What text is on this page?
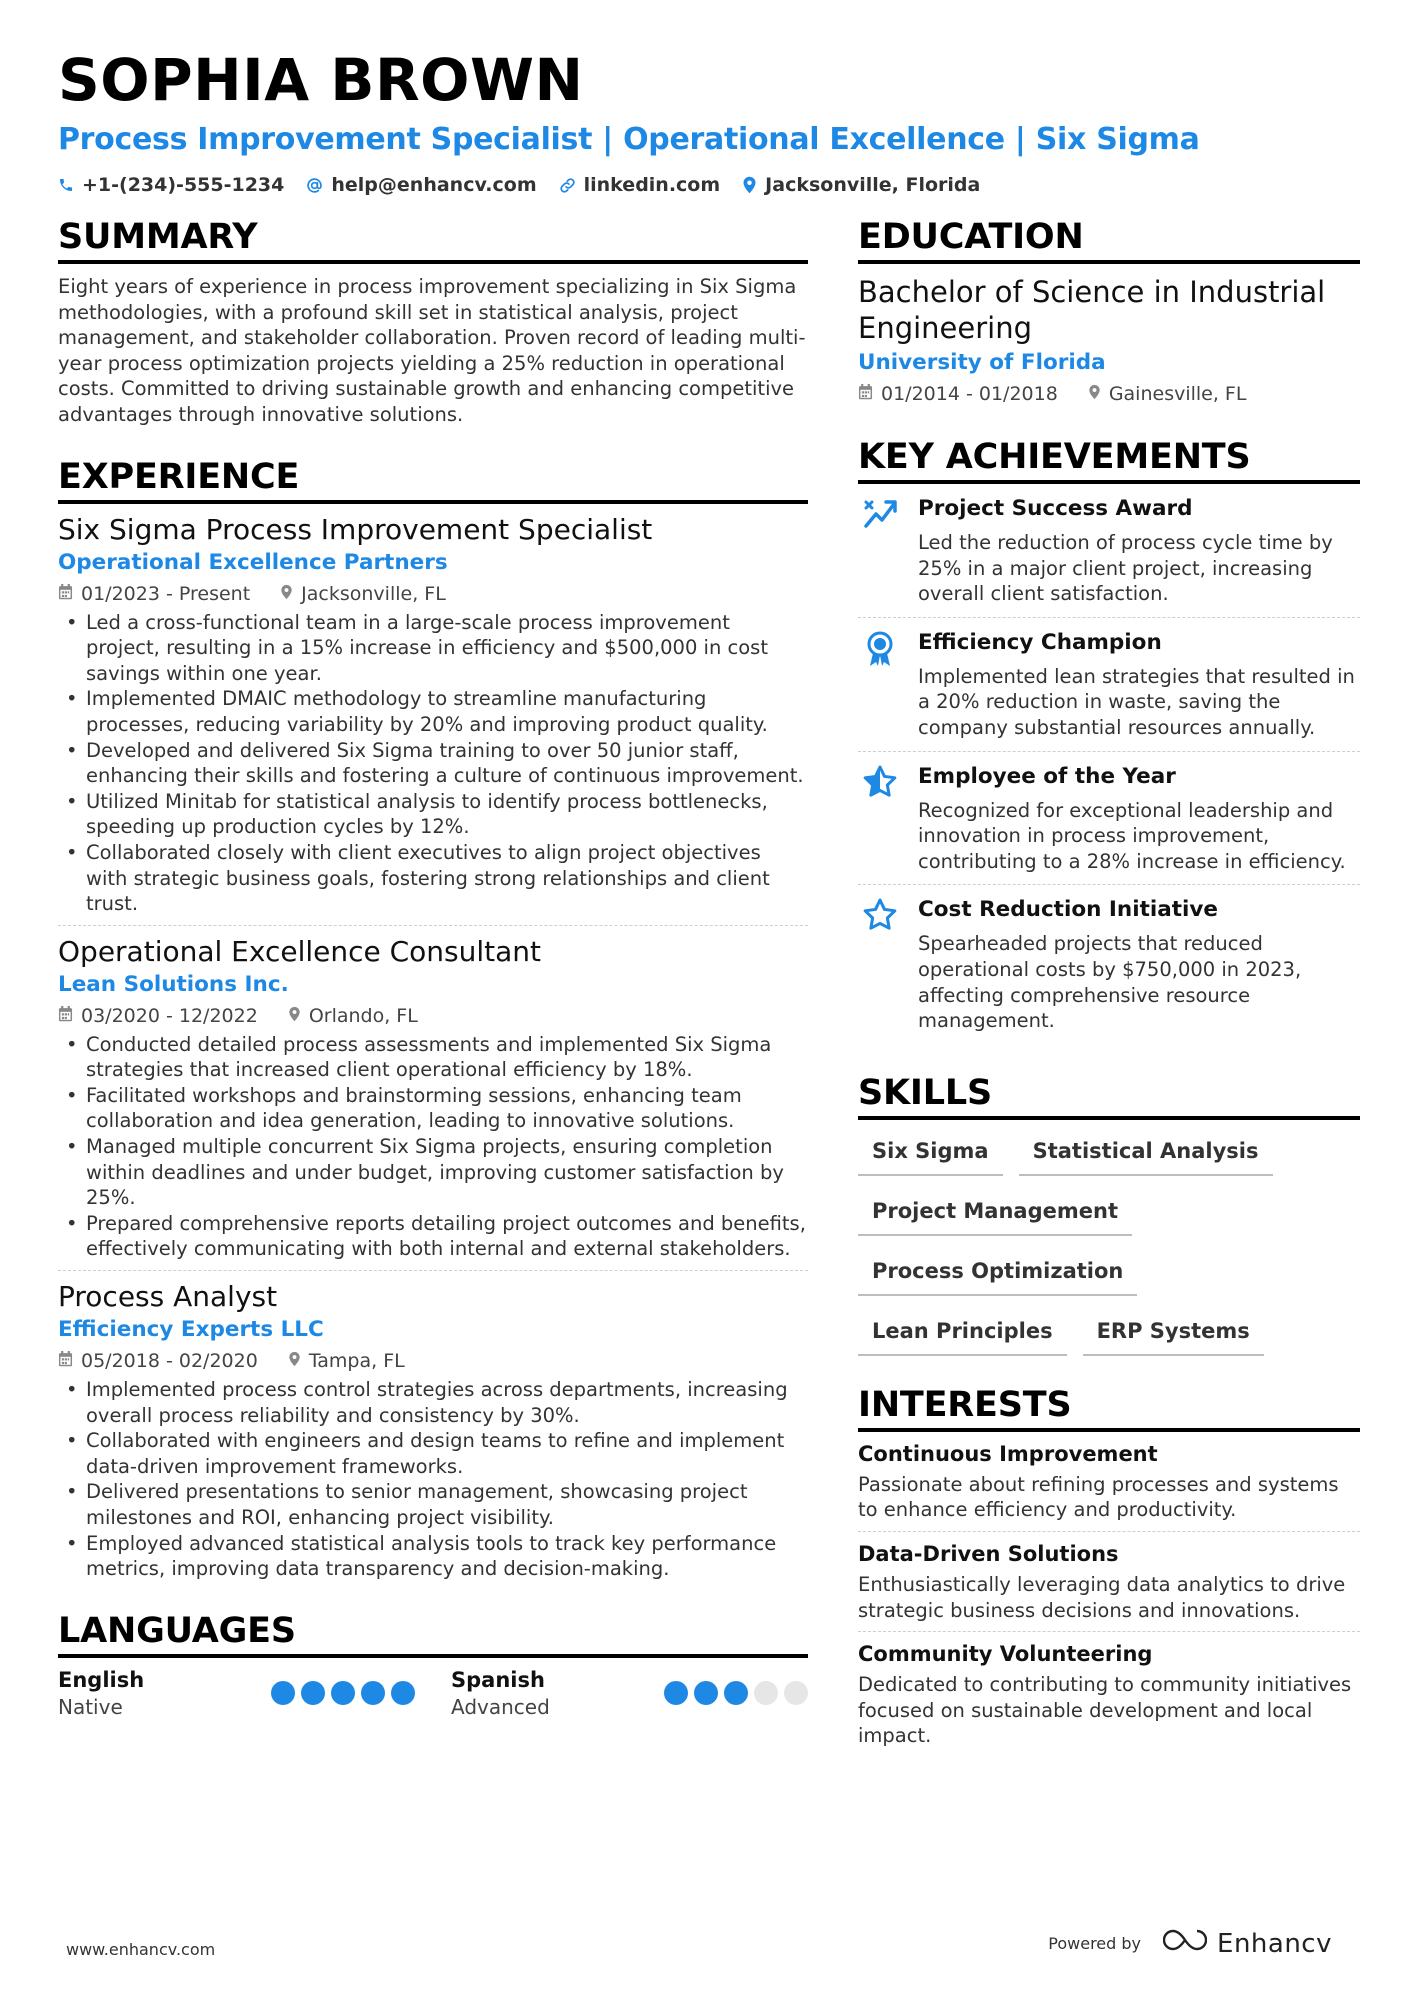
SOPHIA BROWN
Process Improvement Specialist | Operational Excellence | Six Sigma
+1-(234)-555-1234 help@enhancv.com linkedin.com Jacksonville, Florida
SUMMARY
Eight years of experience in process improvement specializing in Six Sigma methodologies, with a profound skill set in statistical analysis, project management, and stakeholder collaboration. Proven record of leading multi-year process optimization projects yielding a 25% reduction in operational costs. Committed to driving sustainable growth and enhancing competitive advantages through innovative solutions.
EXPERIENCE
Six Sigma Process Improvement Specialist
Operational Excellence Partners
01/2023 - Present	Jacksonville, FL
• Led a cross-functional team in a large-scale process improvement project, resulting in a 15% increase in efficiency and $500,000 in cost savings within one year.
• Implemented DMAIC methodology to streamline manufacturing processes, reducing variability by 20% and improving product quality.
• Developed and delivered Six Sigma training to over 50 junior staff, enhancing their skills and fostering a culture of continuous improvement.
• Utilized Minitab for statistical analysis to identify process bottlenecks, speeding up production cycles by 12%.
• Collaborated closely with client executives to align project objectives with strategic business goals, fostering strong relationships and client trust.
Operational Excellence Consultant
Lean Solutions Inc.
03/2020 - 12/2022	Orlando, FL
• Conducted detailed process assessments and implemented Six Sigma strategies that increased client operational efficiency by 18%.
• Facilitated workshops and brainstorming sessions, enhancing team collaboration and idea generation, leading to innovative solutions.
• Managed multiple concurrent Six Sigma projects, ensuring completion within deadlines and under budget, improving customer satisfaction by 25%.
• Prepared comprehensive reports detailing project outcomes and benefits, effectively communicating with both internal and external stakeholders.
Process Analyst
Efficiency Experts LLC
05/2018 - 02/2020	Tampa, FL
• Implemented process control strategies across departments, increasing overall process reliability and consistency by 30%.
• Collaborated with engineers and design teams to refine and implement data-driven improvement frameworks.
• Delivered presentations to senior management, showcasing project milestones and ROI, enhancing project visibility.
• Employed advanced statistical analysis tools to track key performance metrics, improving data transparency and decision-making.
LANGUAGES
English
Native
Spanish
Advanced
EDUCATION
Bachelor of Science in Industrial Engineering
University of Florida
01/2014 - 01/2018	Gainesville, FL
KEY ACHIEVEMENTS
Project Success Award
Led the reduction of process cycle time by 25% in a major client project, increasing overall client satisfaction.
Efficiency Champion
Implemented lean strategies that resulted in a 20% reduction in waste, saving the company substantial resources annually.
Employee of the Year
Recognized for exceptional leadership and innovation in process improvement, contributing to a 28% increase in efficiency.
Cost Reduction Initiative
Spearheaded projects that reduced operational costs by $750,000 in 2023, affecting comprehensive resource management.
SKILLS
Six Sigma	Statistical Analysis
Project Management
Process Optimization
Lean Principles	ERP Systems
INTERESTS
Continuous Improvement
Passionate about refining processes and systems to enhance efficiency and productivity.
Data-Driven Solutions
Enthusiastically leveraging data analytics to drive strategic business decisions and innovations.
Community Volunteering
Dedicated to contributing to community initiatives focused on sustainable development and local impact.
www.enhancv.com	Powered by	Enhancv
